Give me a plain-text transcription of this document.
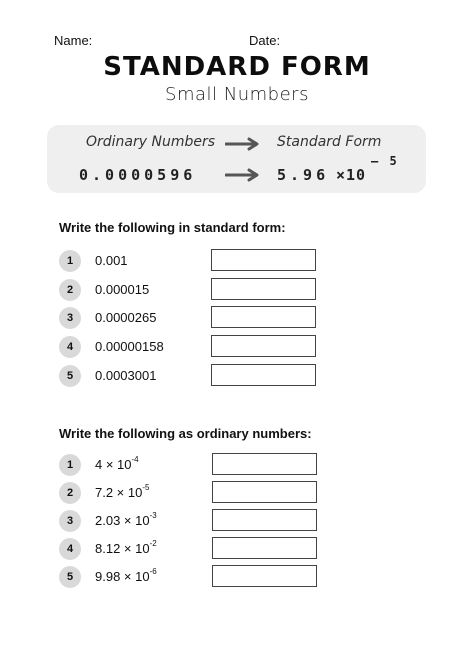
Name:	Date:
STANDARD FORM
Small Numbers
Ordinary Numbers	Standard Form
0.0000596	5.96 ×10
– 5
Write the following in standard form:
1	0.001
2	0.000015
3	0.0000265
4	0.00000158
5	0.0003001
Write the following as ordinary numbers:
1	$4 \times 10^{-4}$
2	$7.2 \times 10^{-5}$
3	$2.03 \times 10^{-3}$
4	$8.12 \times 10^{-2}$
5	$9.98 \times 10^{-6}$
